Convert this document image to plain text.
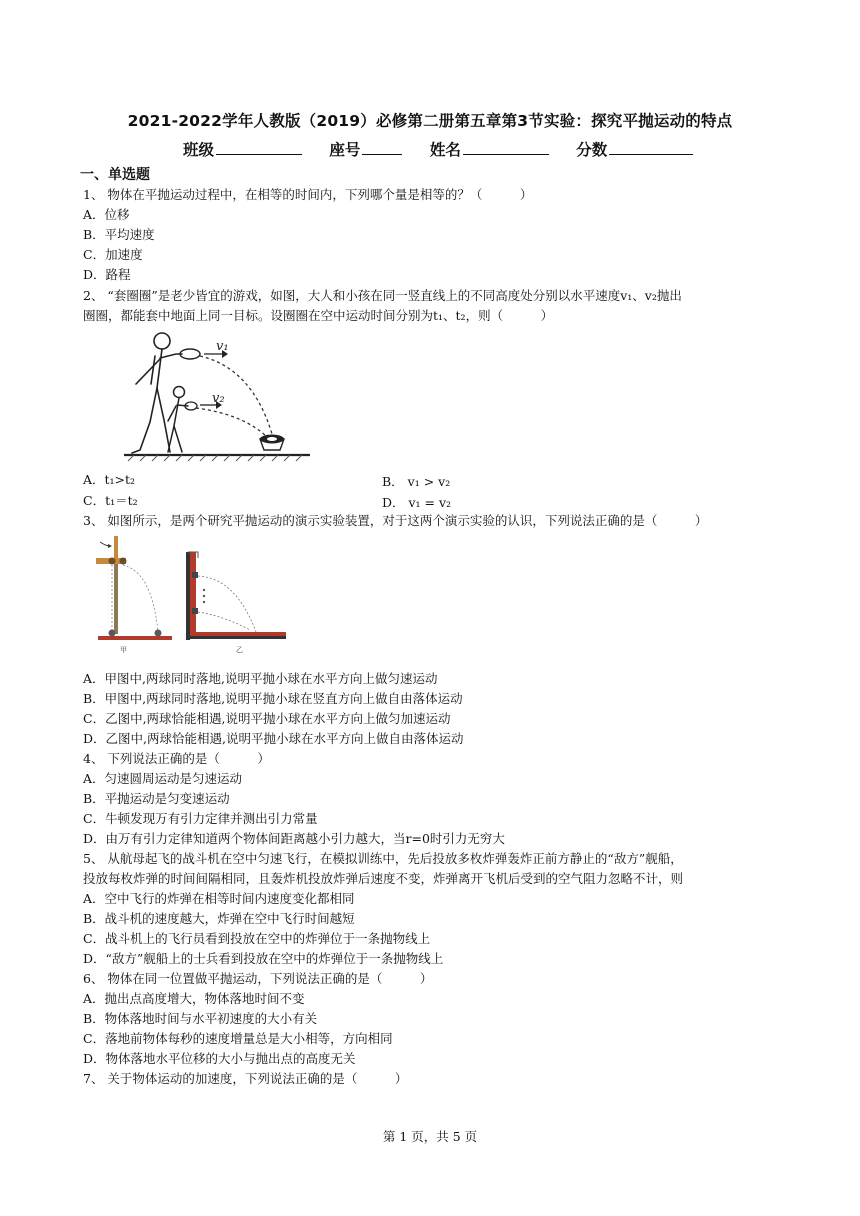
2021-2022学年人教版（2019）必修第二册第五章第3节实验：探究平抛运动的特点
班级	座号	姓名	分数
一、单选题
1、 物体在平抛运动过程中，在相等的时间内，下列哪个量是相等的？（　　　）
A．位移
B．平均速度
C．加速度
D．路程
2、 “套圈圈”是老少皆宜的游戏，如图，大人和小孩在同一竖直线上的不同高度处分别以水平速度v₁、v₂抛出
圈圈，都能套中地面上同一目标。设圈圈在空中运动时间分别为t₁、t₂，则（　　　）
v₁
v₂
A．t₁>t₂	B． v₁ > v₂
C．t₁＝t₂	D． v₁ = v₂
3、 如图所示，是两个研究平抛运动的演示实验装置，对于这两个演示实验的认识，下列说法正确的是（　　　）
甲	乙
A．甲图中,两球同时落地,说明平抛小球在水平方向上做匀速运动
B．甲图中,两球同时落地,说明平抛小球在竖直方向上做自由落体运动
C．乙图中,两球恰能相遇,说明平抛小球在水平方向上做匀加速运动
D．乙图中,两球恰能相遇,说明平抛小球在水平方向上做自由落体运动
4、 下列说法正确的是（　　　）
A．匀速圆周运动是匀速运动
B．平抛运动是匀变速运动
C．牛顿发现万有引力定律并测出引力常量
D．由万有引力定律知道两个物体间距离越小引力越大，当r=0时引力无穷大
5、 从航母起飞的战斗机在空中匀速飞行，在模拟训练中，先后投放多枚炸弹轰炸正前方静止的“敌方”舰船，
投放每枚炸弹的时间间隔相同，且轰炸机投放炸弹后速度不变，炸弹离开飞机后受到的空气阻力忽略不计，则
A．空中飞行的炸弹在相等时间内速度变化都相同
B．战斗机的速度越大，炸弹在空中飞行时间越短
C．战斗机上的飞行员看到投放在空中的炸弹位于一条抛物线上
D．“敌方”舰船上的士兵看到投放在空中的炸弹位于一条抛物线上
6、 物体在同一位置做平抛运动，下列说法正确的是（　　　）
A．抛出点高度增大，物体落地时间不变
B．物体落地时间与水平初速度的大小有关
C．落地前物体每秒的速度增量总是大小相等，方向相同
D．物体落地水平位移的大小与抛出点的高度无关
7、 关于物体运动的加速度，下列说法正确的是（　　　）
第 1 页，共 5 页
